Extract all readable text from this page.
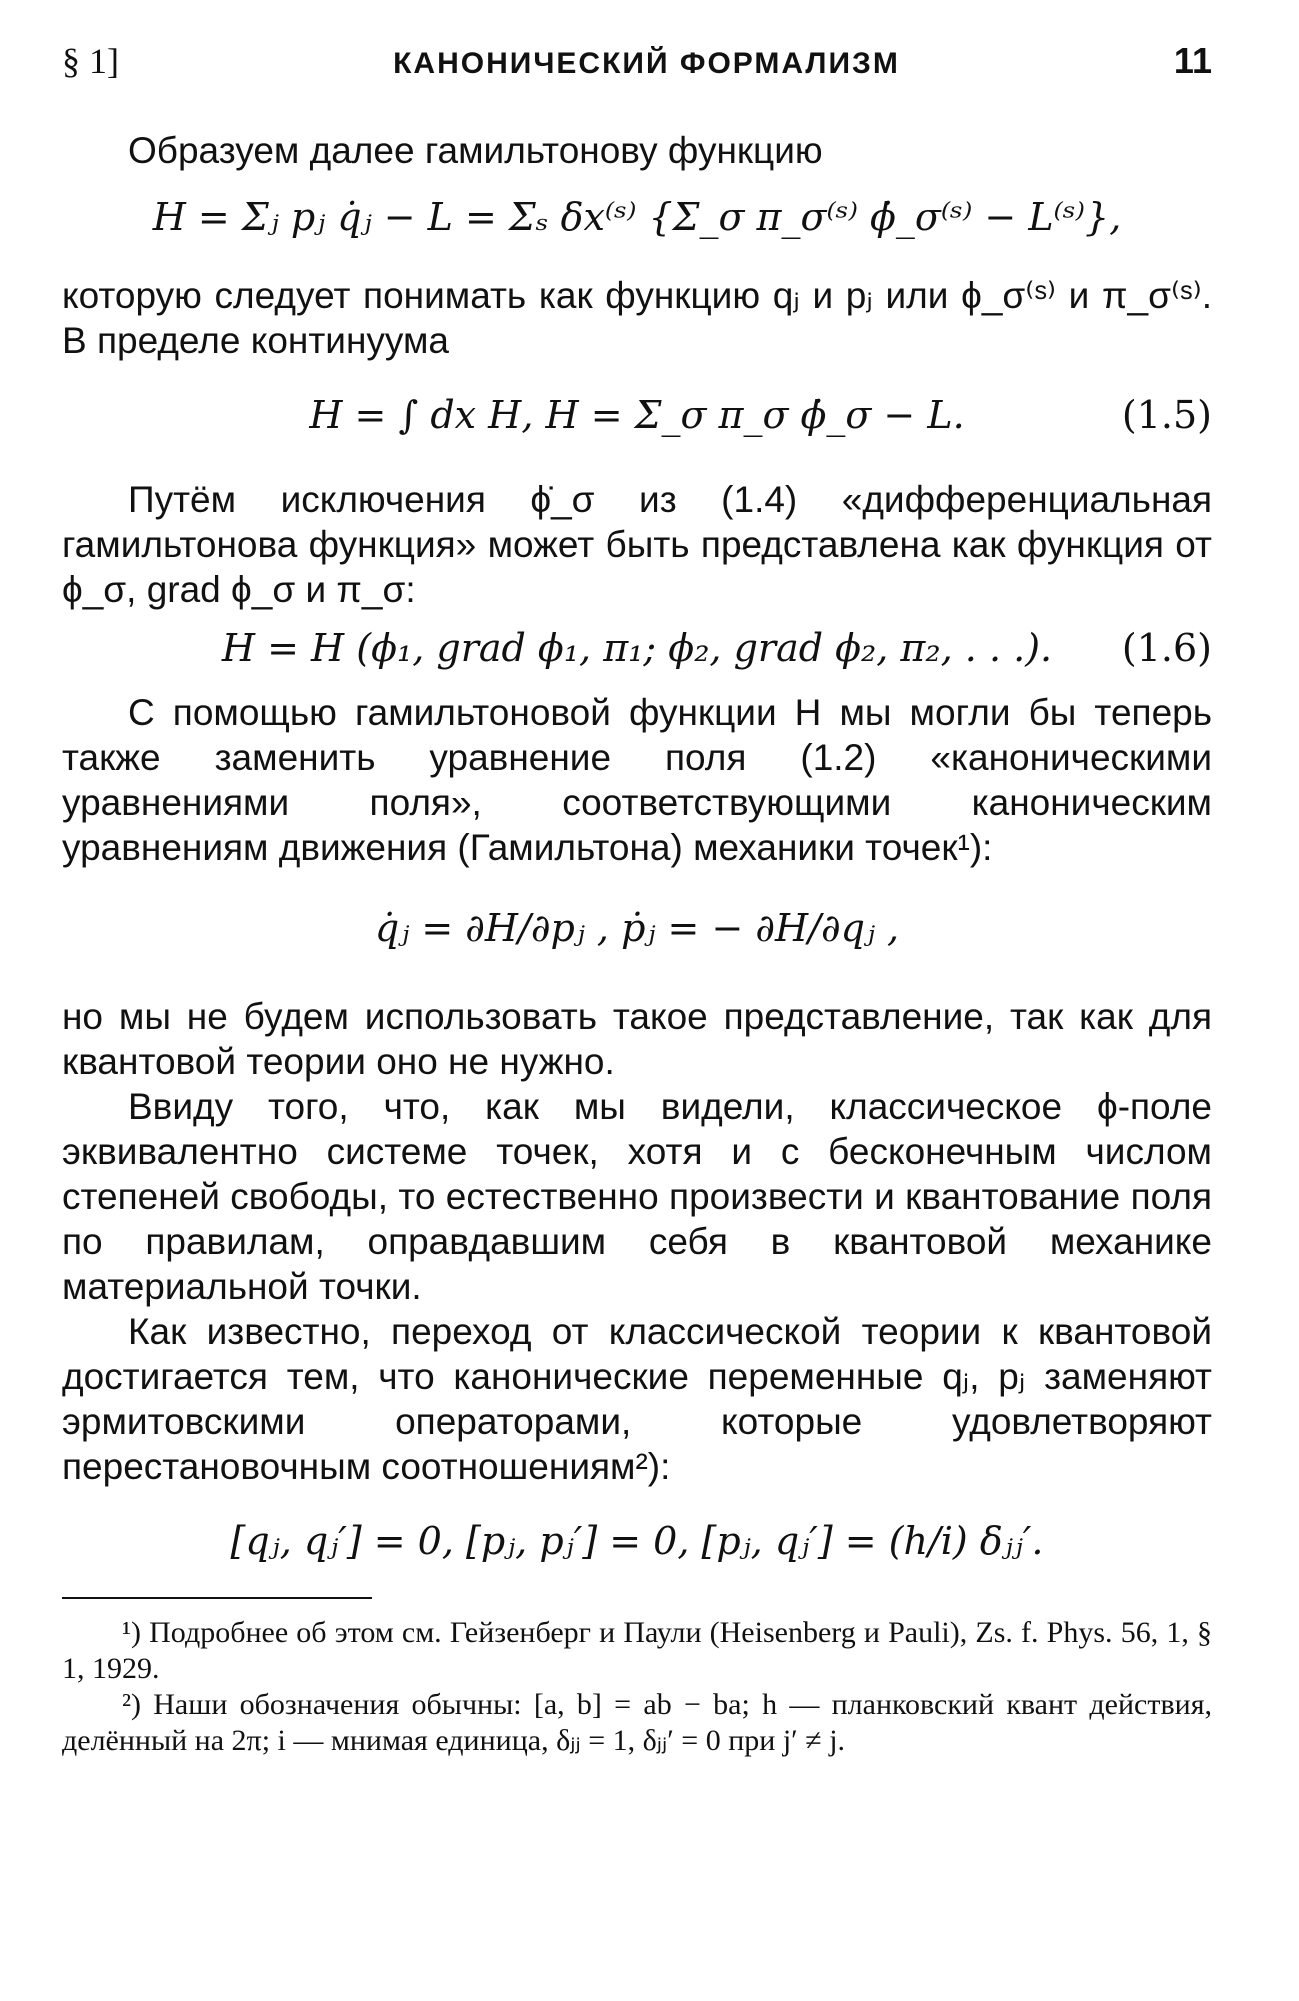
§ 1]	КАНОНИЧЕСКИЙ ФОРМАЛИЗМ	11

Образуем далее гамильтонову функцию

H = Σⱼ pⱼ q̇ⱼ − L = Σₛ δx⁽ˢ⁾ {Σ_σ π_σ⁽ˢ⁾ ϕ̇_σ⁽ˢ⁾ − L⁽ˢ⁾},

которую следует понимать как функцию qⱼ и pⱼ или ϕ_σ⁽ˢ⁾ и π_σ⁽ˢ⁾. В пределе континуума

H = ∫ dx H, H = Σ_σ π_σ ϕ̇_σ − L.	(1.5)

Путём исключения ϕ̇_σ из (1.4) «дифференциальная гамильтонова функция» может быть представлена как функция от ϕ_σ, grad ϕ_σ и π_σ:

H = H (ϕ₁, grad ϕ₁, π₁; ϕ₂, grad ϕ₂, π₂, . . .). (1.6)

С помощью гамильтоновой функции H мы могли бы теперь также заменить уравнение поля (1.2) «каноническими уравнениями поля», соответствующими каноническим уравнениям движения (Гамильтона) механики точек¹):

q̇ⱼ = ∂H/∂pⱼ , ṗⱼ = − ∂H/∂qⱼ ,

но мы не будем использовать такое представление, так как для квантовой теории оно не нужно.

Ввиду того, что, как мы видели, классическое ϕ-поле эквивалентно системе точек, хотя и с бесконечным числом степеней свободы, то естественно произвести и квантование поля по правилам, оправдавшим себя в квантовой механике материальной точки.

Как известно, переход от классической теории к квантовой достигается тем, что канонические переменные qⱼ, pⱼ заменяют эрмитовскими операторами, которые удовлетворяют перестановочным соотношениям²):

[qⱼ, qⱼ′] = 0, [pⱼ, pⱼ′] = 0, [pⱼ, qⱼ′] = (h/i) δⱼⱼ′.

¹) Подробнее об этом см. Гейзенберг и Паули (Heisenberg и Pauli), Zs. f. Phys. 56, 1, § 1, 1929.

²) Наши обозначения обычны: [a, b] = ab − ba; h — планковский квант действия, делённый на 2π; i — мнимая единица, δⱼⱼ = 1, δⱼⱼ′ = 0 при j′ ≠ j.
